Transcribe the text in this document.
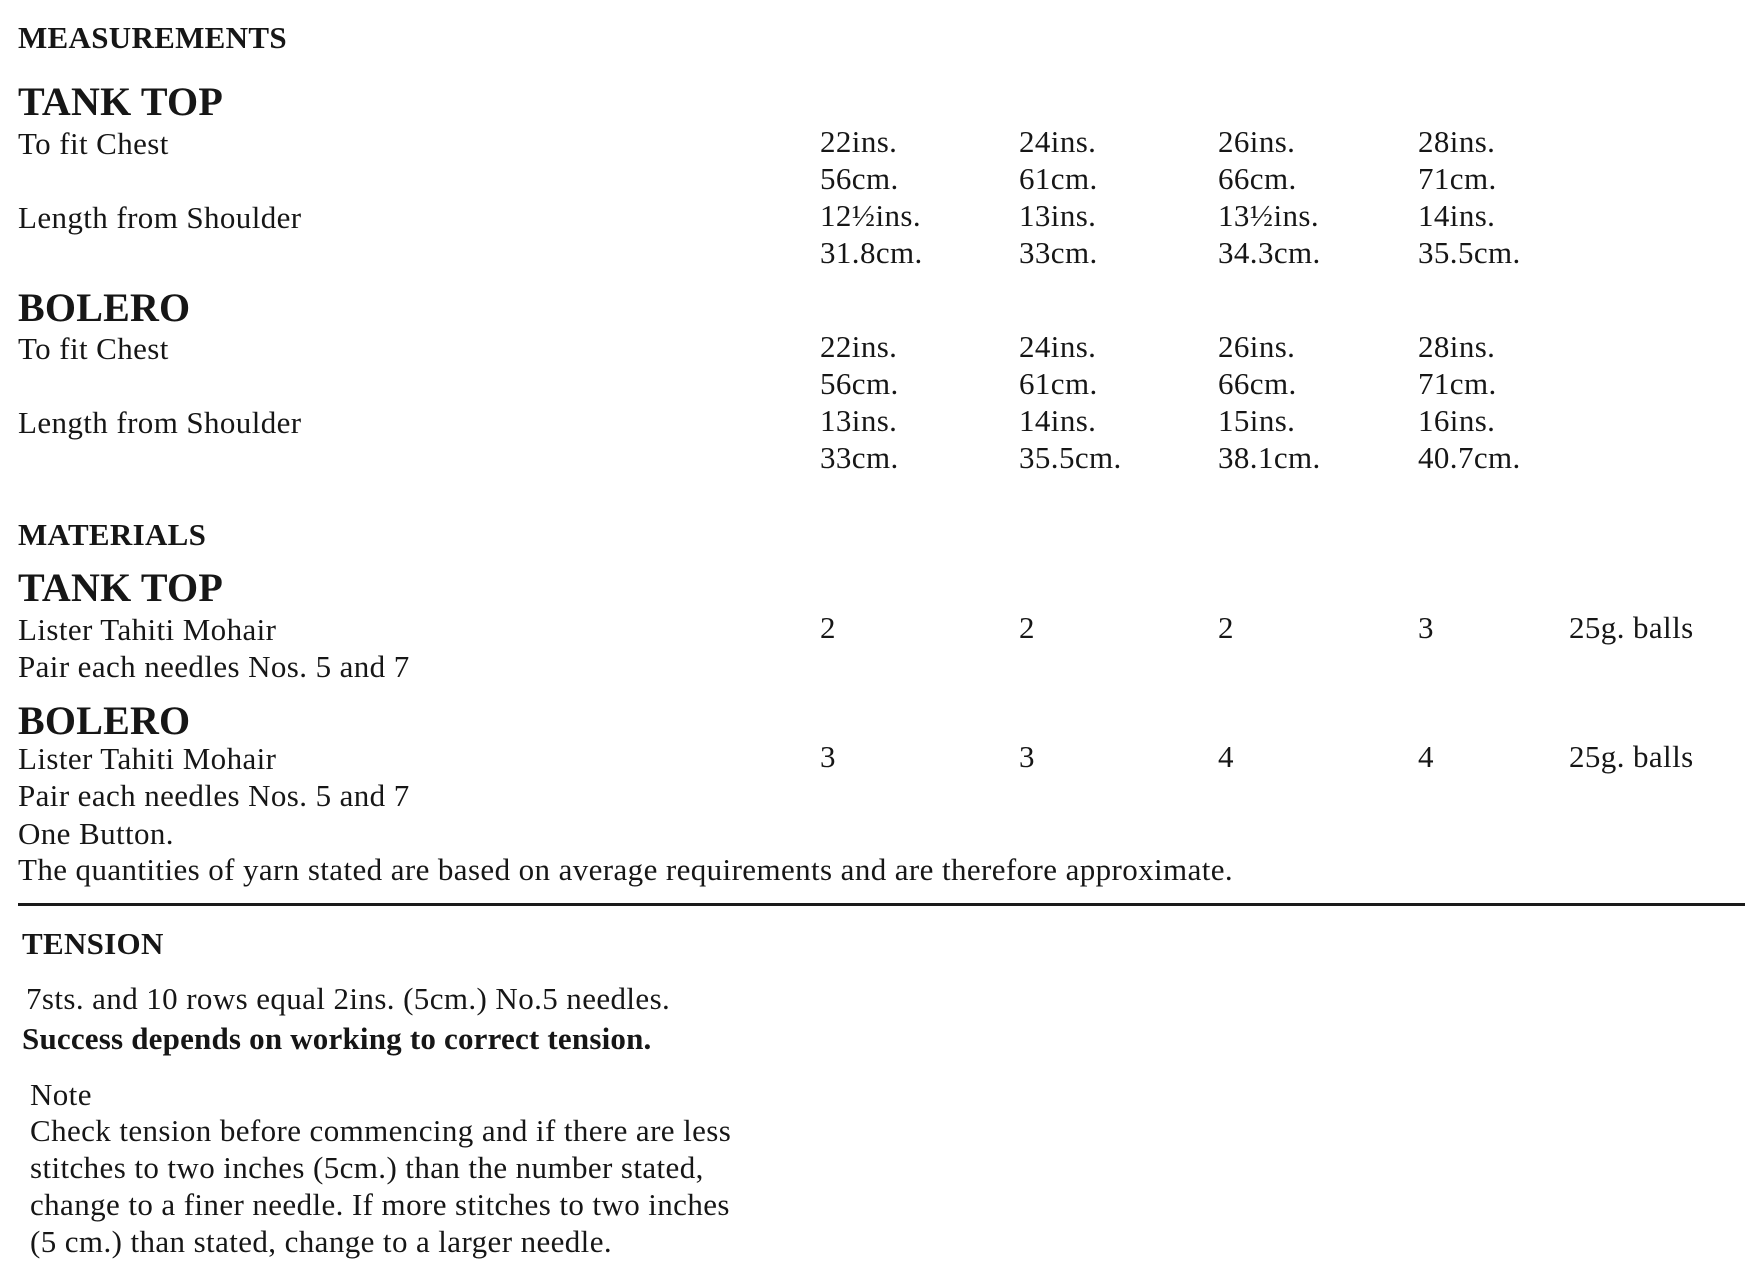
MEASUREMENTS
TANK TOP
To fit Chest	22ins.	24ins.	26ins.	28ins.
56cm.	61cm.	66cm.	71cm.
Length from Shoulder	12½ins.	13ins.	13½ins.	14ins.
31.8cm.	33cm.	34.3cm.	35.5cm.
BOLERO
To fit Chest	22ins.	24ins.	26ins.	28ins.
56cm.	61cm.	66cm.	71cm.
Length from Shoulder	13ins.	14ins.	15ins.	16ins.
33cm.	35.5cm.	38.1cm.	40.7cm.
MATERIALS
TANK TOP
Lister Tahiti Mohair	2	2	2	3	25g. balls
Pair each needles Nos. 5 and 7
BOLERO
Lister Tahiti Mohair	3	3	4	4	25g. balls
Pair each needles Nos. 5 and 7
One Button.
The quantities of yarn stated are based on average requirements and are therefore approximate.
TENSION
7sts. and 10 rows equal 2ins. (5cm.) No.5 needles.
Success depends on working to correct tension.
Note
Check tension before commencing and if there are less
stitches to two inches (5cm.) than the number stated,
change to a finer needle. If more stitches to two inches
(5 cm.) than stated, change to a larger needle.
